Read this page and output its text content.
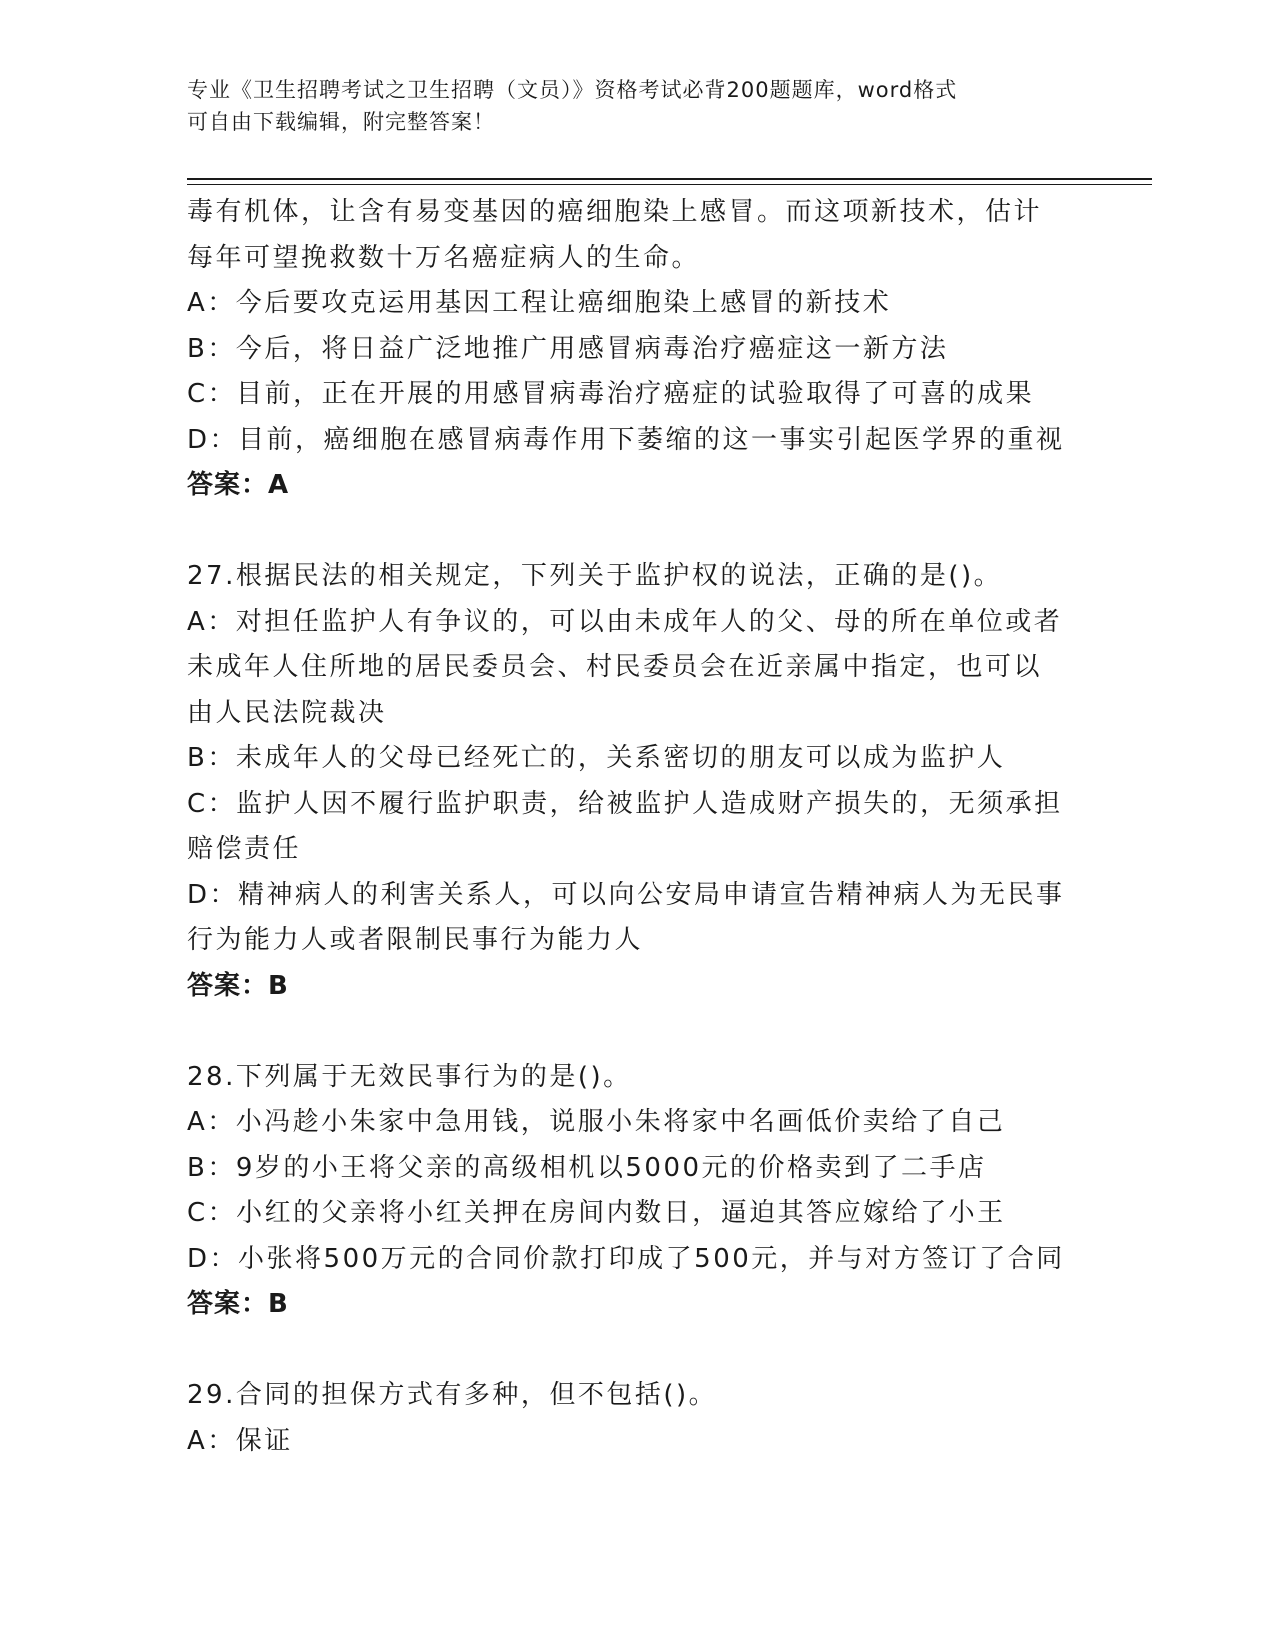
专业《卫生招聘考试之卫生招聘（文员）》资格考试必背200题题库，word格式
可自由下载编辑，附完整答案！
毒有机体，让含有易变基因的癌细胞染上感冒。而这项新技术，估计
每年可望挽救数十万名癌症病人的生命。
A：今后要攻克运用基因工程让癌细胞染上感冒的新技术
B：今后，将日益广泛地推广用感冒病毒治疗癌症这一新方法
C：目前，正在开展的用感冒病毒治疗癌症的试验取得了可喜的成果
D：目前，癌细胞在感冒病毒作用下萎缩的这一事实引起医学界的重视
答案：A
27.根据民法的相关规定，下列关于监护权的说法，正确的是()。
A：对担任监护人有争议的，可以由未成年人的父、母的所在单位或者
未成年人住所地的居民委员会、村民委员会在近亲属中指定，也可以
由人民法院裁决
B：未成年人的父母已经死亡的，关系密切的朋友可以成为监护人
C：监护人因不履行监护职责，给被监护人造成财产损失的，无须承担
赔偿责任
D：精神病人的利害关系人，可以向公安局申请宣告精神病人为无民事
行为能力人或者限制民事行为能力人
答案：B
28.下列属于无效民事行为的是()。
A：小冯趁小朱家中急用钱，说服小朱将家中名画低价卖给了自己
B：9岁的小王将父亲的高级相机以5000元的价格卖到了二手店
C：小红的父亲将小红关押在房间内数日，逼迫其答应嫁给了小王
D：小张将500万元的合同价款打印成了500元，并与对方签订了合同
答案：B
29.合同的担保方式有多种，但不包括()。
A：保证
